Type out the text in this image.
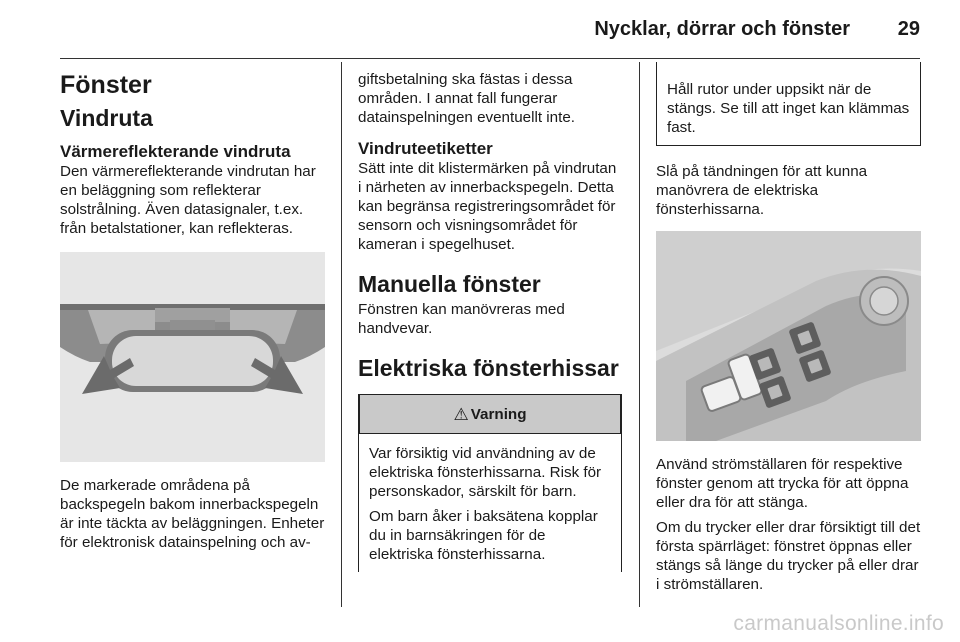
Nycklar, dörrar och fönster 29
Fönster
Vindruta
Värmereflekterande vindruta

Den värmereflekterande vindrutan har en beläggning som reflekterar solstrålning. Även datasignaler, t.ex. från betalstationer, kan reflekteras.

De markerade områdena på backspegeln bakom innerbackspegeln är inte täckta av beläggningen. Enheter för elektronisk datainspelning och av-

giftsbetalning ska fästas i dessa områden. I annat fall fungerar datainspelningen eventuellt inte.

Vindruteetiketter

Sätt inte dit klistermärken på vindrutan i närheten av innerbackspegeln. Detta kan begränsa registreringsområdet för sensorn och visningsområdet för kameran i spegelhuset.

Manuella fönster

Fönstren kan manövreras med handvevar.

Elektriska fönsterhissar
⚠ Varning

Var försiktig vid användning av de elektriska fönsterhissarna. Risk för personskador, särskilt för barn.

Om barn åker i baksätena kopplar du in barnsäkringen för de elektriska fönsterhissarna.

Håll rutor under uppsikt när de stängs. Se till att inget kan klämmas fast.

Slå på tändningen för att kunna manövrera de elektriska fönsterhissarna.

Använd strömställaren för respektive fönster genom att trycka för att öppna eller dra för att stänga.

Om du trycker eller drar försiktigt till det första spärrläget: fönstret öppnas eller stängs så länge du trycker på eller drar i strömställaren.

carmanualsonline.info
